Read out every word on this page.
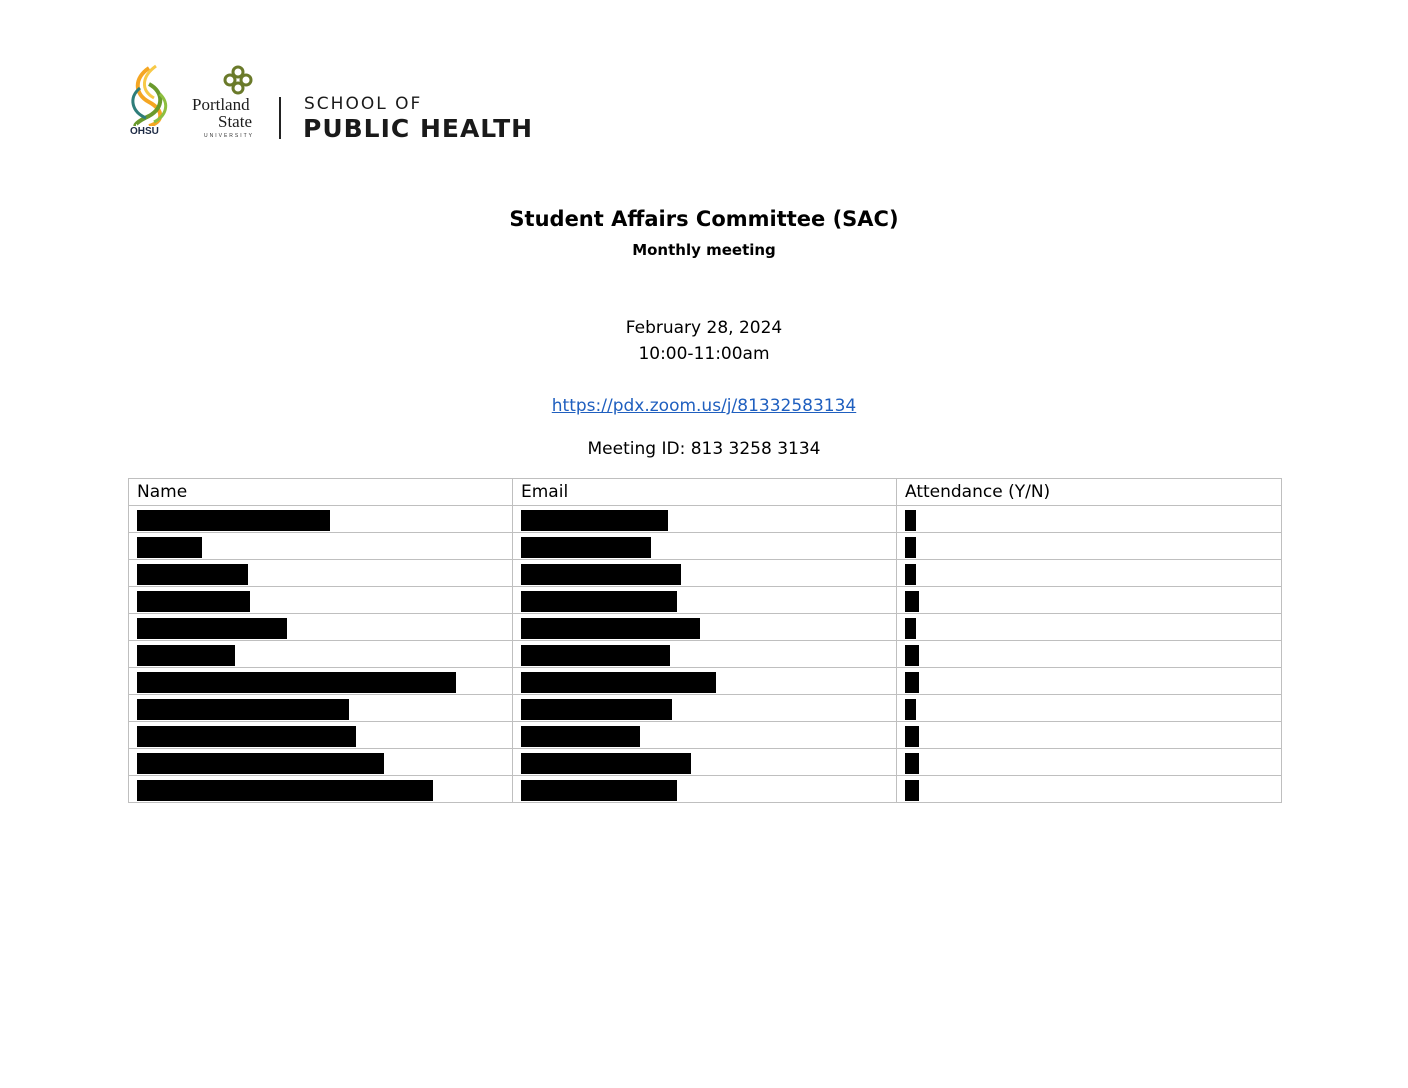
OHSU
Portland
State
UNIVERSITY
SCHOOL OF
PUBLIC HEALTH
Student Affairs Committee (SAC)
Monthly meeting
February 28, 2024
10:00-11:00am
https://pdx.zoom.us/j/81332583134
Meeting ID: 813 3258 3134
Name	Email	Attendance (Y/N)
